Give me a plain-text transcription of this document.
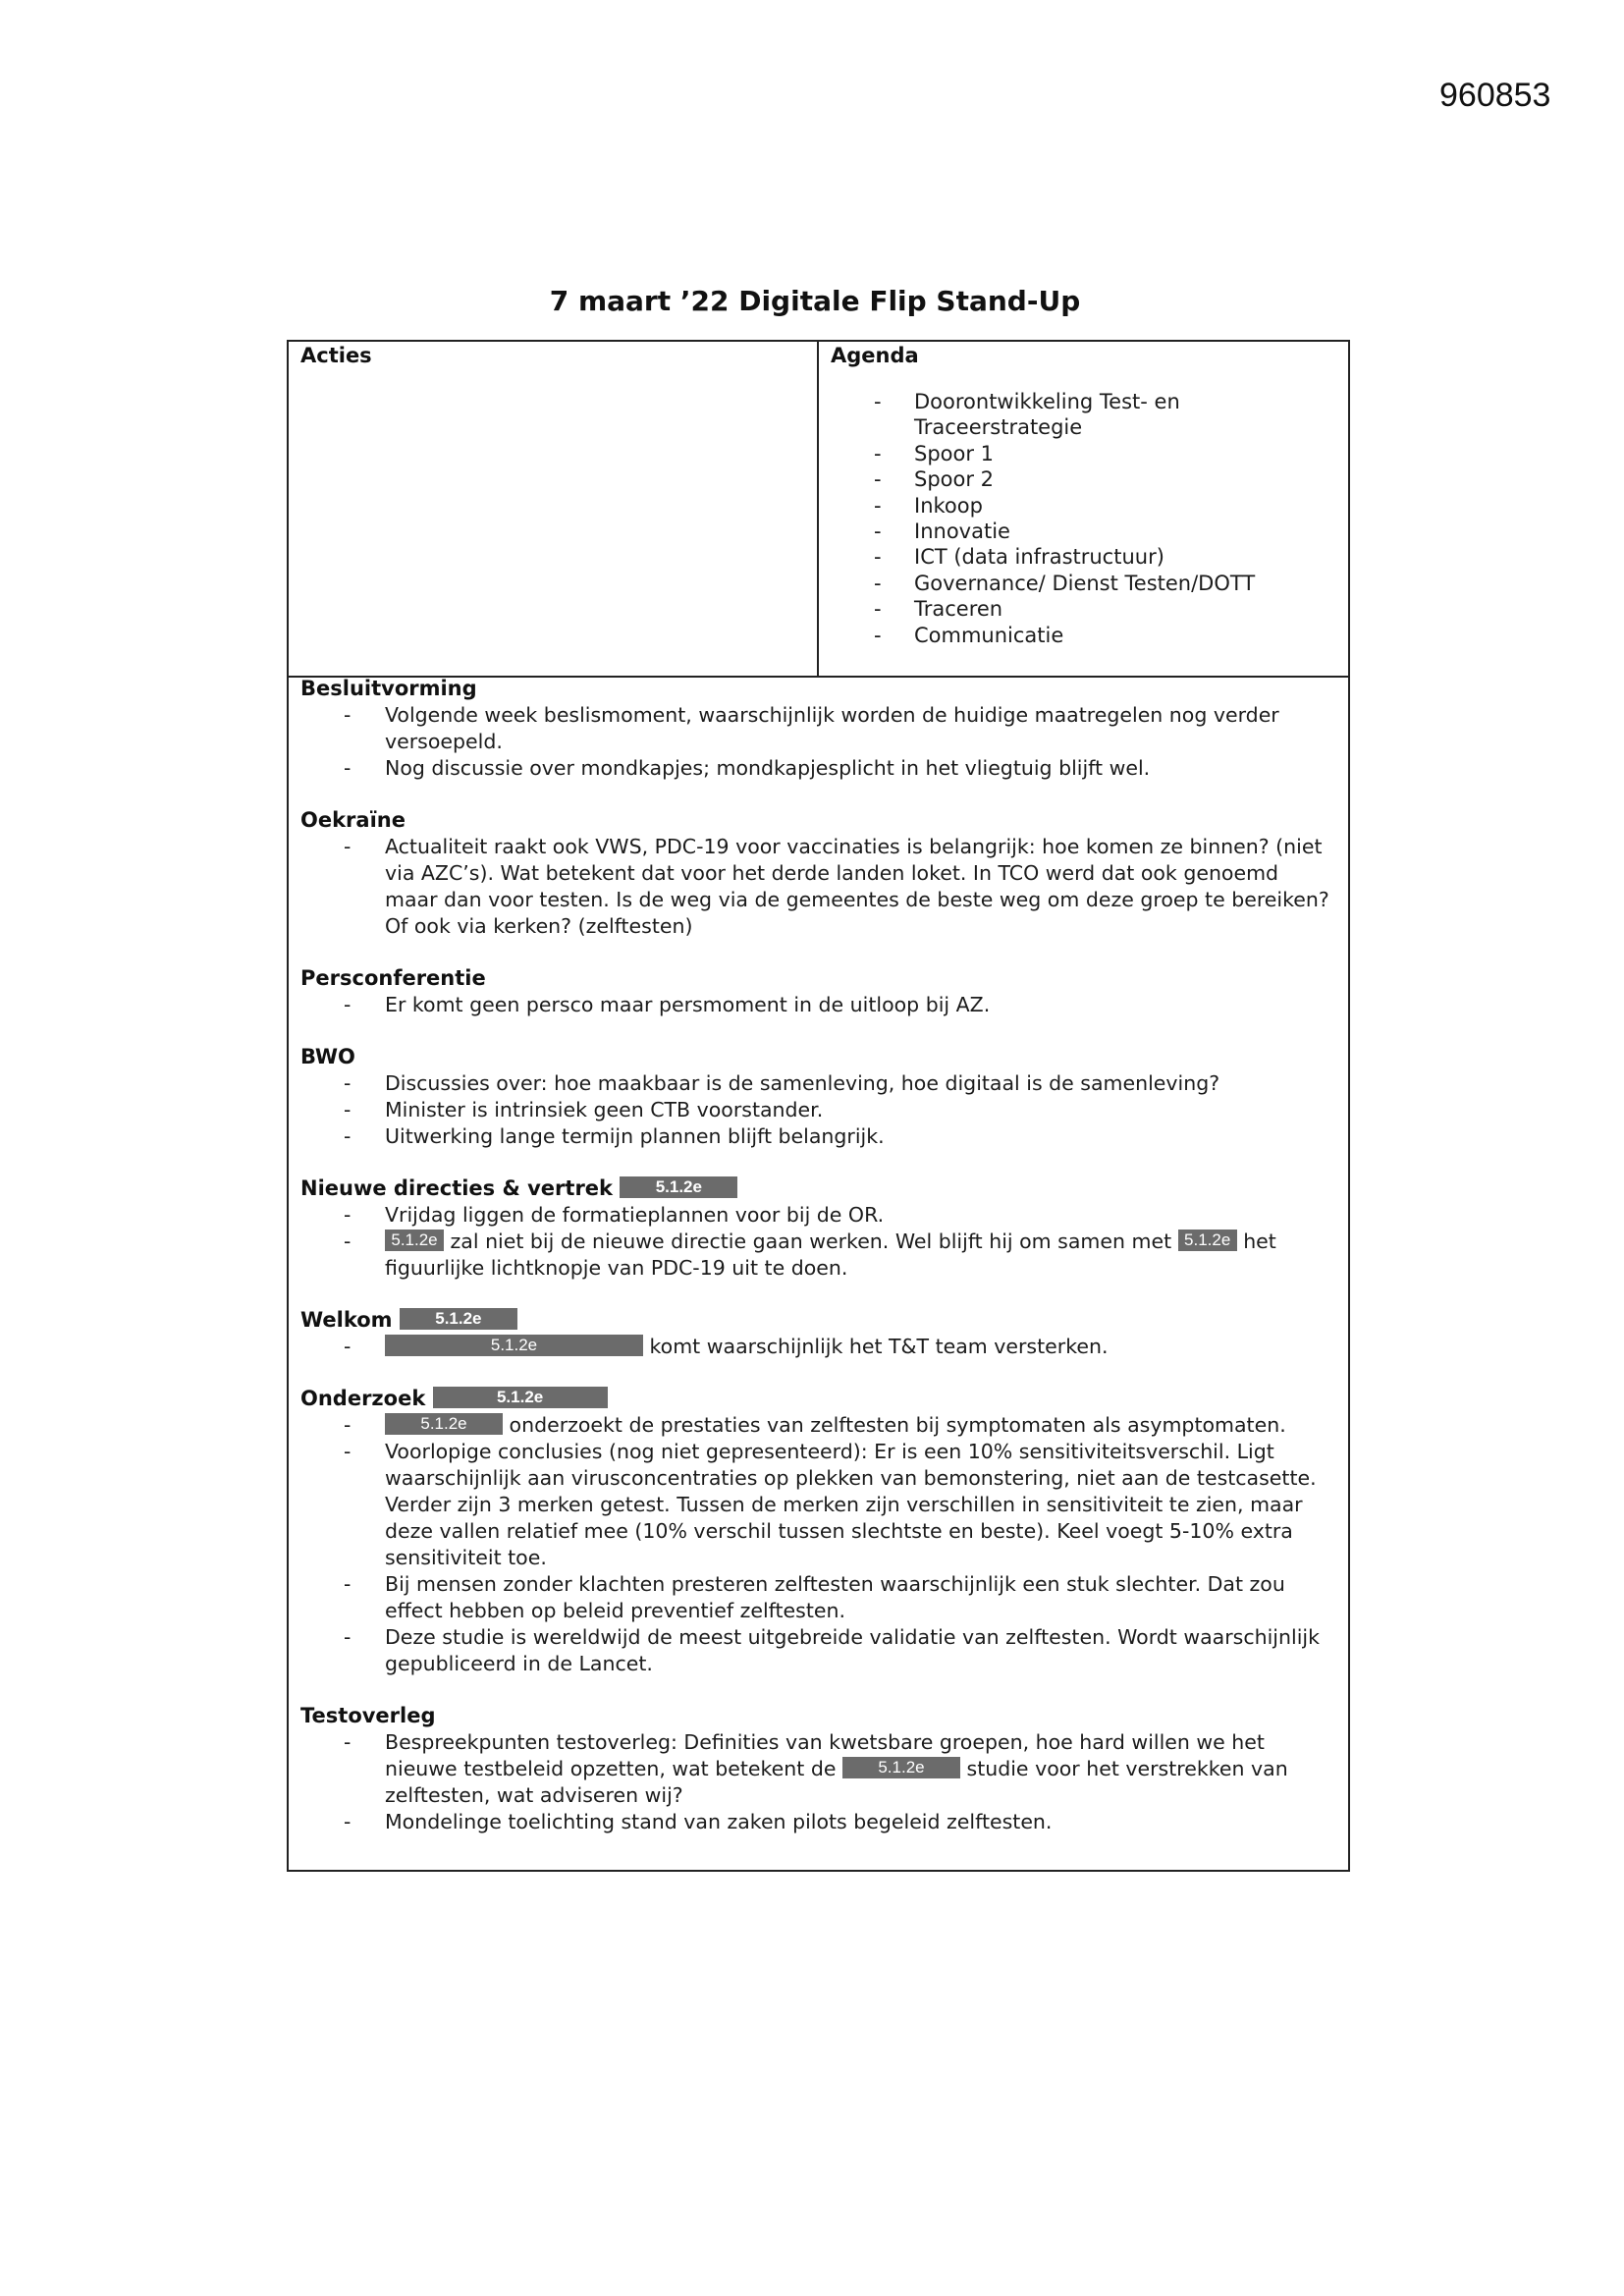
960853
7 maart ’22 Digitale Flip Stand-Up
Acties	Agenda
- Doorontwikkeling Test- en Traceerstrategie
- Spoor 1
- Spoor 2
- Inkoop
- Innovatie
- ICT (data infrastructuur)
- Governance/ Dienst Testen/DOTT
- Traceren
- Communicatie
Besluitvorming
- Volgende week beslismoment, waarschijnlijk worden de huidige maatregelen nog verder versoepeld.
- Nog discussie over mondkapjes; mondkapjesplicht in het vliegtuig blijft wel.
Oekraïne
- Actualiteit raakt ook VWS, PDC-19 voor vaccinaties is belangrijk: hoe komen ze binnen? (niet via AZC’s). Wat betekent dat voor het derde landen loket. In TCO werd dat ook genoemd maar dan voor testen. Is de weg via de gemeentes de beste weg om deze groep te bereiken? Of ook via kerken? (zelftesten)
Persconferentie
- Er komt geen persco maar persmoment in de uitloop bij AZ.
BWO
- Discussies over: hoe maakbaar is de samenleving, hoe digitaal is de samenleving?
- Minister is intrinsiek geen CTB voorstander.
- Uitwerking lange termijn plannen blijft belangrijk.
Nieuwe directies & vertrek	5.1.2e
- Vrijdag liggen de formatieplannen voor bij de OR.
- 5.1.2e zal niet bij de nieuwe directie gaan werken. Wel blijft hij om samen met 5.1.2e het figuurlijke lichtknopje van PDC-19 uit te doen.
Welkom	5.1.2e
-	5.1.2e	komt waarschijnlijk het T&T team versterken.
Onderzoek	5.1.2e
-	5.1.2e onderzoekt de prestaties van zelftesten bij symptomaten als asymptomaten.
- Voorlopige conclusies (nog niet gepresenteerd): Er is een 10% sensitiviteitsverschil. Ligt waarschijnlijk aan virusconcentraties op plekken van bemonstering, niet aan de testcasette. Verder zijn 3 merken getest. Tussen de merken zijn verschillen in sensitiviteit te zien, maar deze vallen relatief mee (10% verschil tussen slechtste en beste). Keel voegt 5-10% extra sensitiviteit toe.
- Bij mensen zonder klachten presteren zelftesten waarschijnlijk een stuk slechter. Dat zou effect hebben op beleid preventief zelftesten.
- Deze studie is wereldwijd de meest uitgebreide validatie van zelftesten. Wordt waarschijnlijk gepubliceerd in de Lancet.
Testoverleg
- Bespreekpunten testoverleg: Definities van kwetsbare groepen, hoe hard willen we het nieuwe testbeleid opzetten, wat betekent de	5.1.2e studie voor het verstrekken van zelftesten, wat adviseren wij?
- Mondelinge toelichting stand van zaken pilots begeleid zelftesten.
